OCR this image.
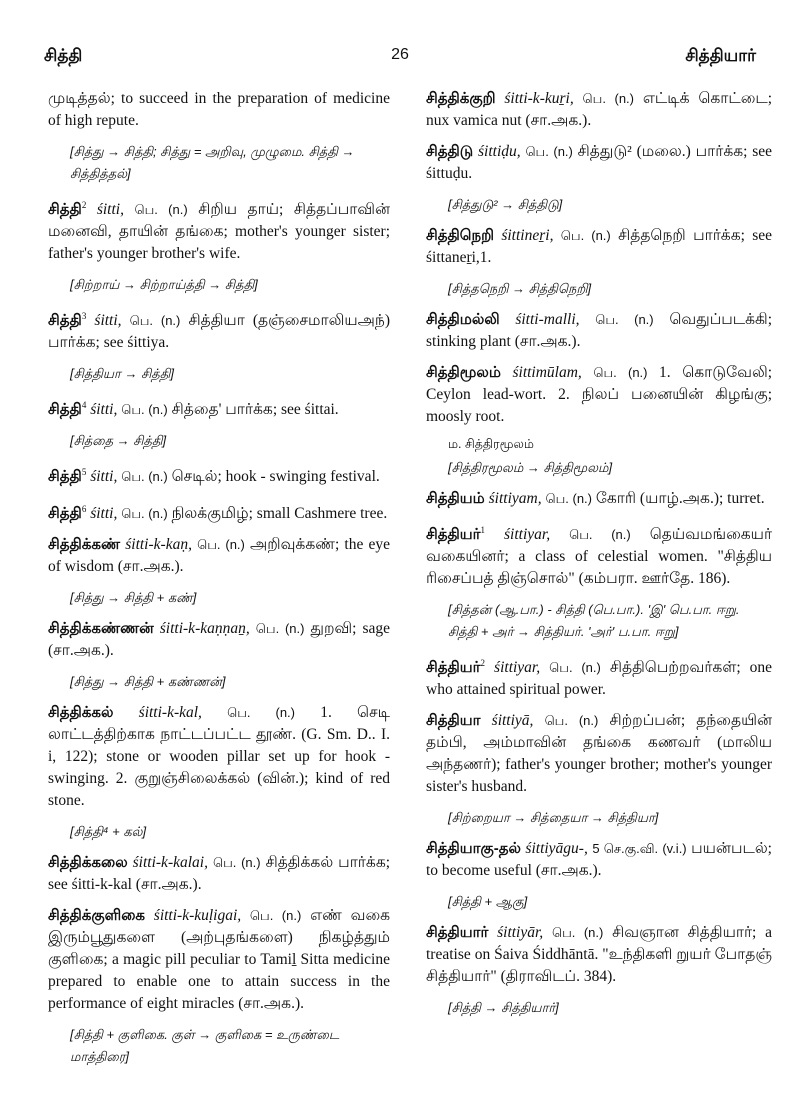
சித்தி	26	சித்தியார்

முடித்தல்; to succeed in the preparation of medicine of high repute.

[சித்து → சித்தி; சித்து = அறிவு, முழுமை. சித்தி → சித்தித்தல்]

சித்தி$^2$ śitti, பெ. (n.) சிறிய தாய்; சித்தப்பாவின் மனைவி, தாயின் தங்கை; mother's younger sister; father's younger brother's wife.

[சிற்றாய் → சிற்றாய்த்தி → சித்தி]

சித்தி$^3$ śitti, பெ. (n.) சித்தியா (தஞ்சைமாலியஅந்) பார்க்க; see śittiya.

[சித்தியா → சித்தி]

சித்தி$^4$ śitti, பெ. (n.) சித்தை' பார்க்க; see śittai.

[சித்தை → சித்தி]

சித்தி$^5$ śitti, பெ. (n.) செடில்; hook - swinging festival.

சித்தி$^6$ śitti, பெ. (n.) நிலக்குமிழ்; small Cashmere tree.

சித்திக்கண் śitti-k-kaṇ, பெ. (n.) அறிவுக்கண்; the eye of wisdom (சா.அக.).

[சித்து → சித்தி + கண்]

சித்திக்கண்ணன் śitti-k-kaṇṇaṉ, பெ. (n.) துறவி; sage (சா.அக.).

[சித்து → சித்தி + கண்ணன்]

சித்திக்கல் śitti-k-kal, பெ. (n.) 1. செடி லாட்டத்திற்காக நாட்டப்பட்ட தூண். (G. Sm. D.. I. i, 122); stone or wooden pillar set up for hook - swinging. 2. குறுஞ்சிலைக்கல் (வின்.); kind of red stone.

[சித்தி⁴ + கல்]

சித்திக்கலை śitti-k-kalai, பெ. (n.) சித்திக்கல் பார்க்க; see śitti-k-kal (சா.அக.).

சித்திக்குளிகை śitti-k-kuḷigai, பெ. (n.) எண் வகை இரும்பூதுகளை (அற்புதங்களை) நிகழ்த்தும் குளிகை; a magic pill peculiar to Tamiḻ Sitta medicine prepared to enable one to attain success in the performance of eight miracles (சா.அக.).

[சித்தி + குளிகை. குள் → குளிகை = உருண்டை மாத்திரை]

சித்திக்குறி śitti-k-kuṟi, பெ. (n.) எட்டிக் கொட்டை; nux vamica nut (சா.அக.).

சித்திடு śittiḍu, பெ. (n.) சித்துடு² (மலை.) பார்க்க; see śittuḍu.

[சித்துடு² → சித்திடு]

சித்திநெறி śittineṟi, பெ. (n.) சித்தநெறி பார்க்க; see śittaneṟi,1.

[சித்தநெறி → சித்திநெறி]

சித்திமல்லி śitti-malli, பெ. (n.) வெதுப்படக்கி; stinking plant (சா.அக.).

சித்திமூலம் śittimūlam, பெ. (n.) 1. கொடுவேலி; Ceylon lead-wort. 2. நிலப் பனையின் கிழங்கு; moosly root.

ம. சித்திரமூலம்
[சித்திரமூலம் → சித்திமூலம்]

சித்தியம் śittiyam, பெ. (n.) கோரி (யாழ்.அக.); turret.

சித்தியர்$^1$ śittiyar, பெ. (n.) தெய்வமங்கையர் வகையினர்; a class of celestial women. "சித்திய ரிசைப்பத் திஞ்சொல்" (கம்பரா. ஊர்தே. 186).

[சித்தன் (ஆ.பா.) - சித்தி (பெ.பா.). 'இ' பெ.பா. ஈறு. சித்தி + அர் → சித்தியர். 'அர்' ப.பா. ஈறு]

சித்தியர்$^2$ śittiyar, பெ. (n.) சித்திபெற்றவர்கள்; one who attained spiritual power.

சித்தியா śittiyā, பெ. (n.) சிற்றப்பன்; தந்தையின் தம்பி, அம்மாவின் தங்கை கணவர் (மாலிய அந்தணர்); father's younger brother; mother's younger sister's husband.

[சிற்றையா → சித்தையா → சித்தியா]

சித்தியாகு-தல் śittiyāgu-, 5 செ.கு.வி. (v.i.) பயன்படல்; to become useful (சா.அக.).

[சித்தி + ஆகு]

சித்தியார் śittiyār, பெ. (n.) சிவஞான சித்தியார்; a treatise on Śaiva Śiddhāntā. "உந்திகளி றுயர் போதஞ் சித்தியார்" (திராவிடப். 384).

[சித்தி → சித்தியார்]
